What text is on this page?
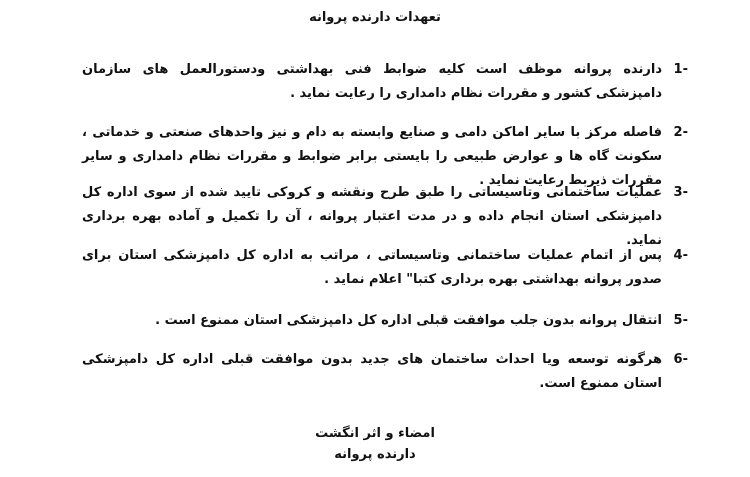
تعهدات دارنده پروانه
1-
دارنده پروانه موظف است کلیه ضوابط فنی بهداشتی ودستورالعمل های سازمان دامپزشکی کشور و مقررات نظام دامداری را رعایت نماید .
2-
فاصله مرکز با سایر اماکن دامی و صنایع وابسته به دام و نیز واحدهای صنعتی و خدماتی ، سکونت گاه ها و عوارض طبیعی را بایستی برابر ضوابط و مقررات نظام دامداری و سایر مقررات ذیربط رعایت نماید .
3-
عملیات ساختمانی وتاسیساتی را طبق طرح ونقشه و کروکی تایید شده از سوی اداره کل دامپزشکی استان انجام داده و در مدت اعتبار پروانه ، آن را تکمیل و آماده بهره برداری نماید.
4-
پس از اتمام عملیات ساختمانی وتاسیساتی ، مراتب به اداره کل دامپزشکی استان برای صدور پروانه بهداشتی بهره برداری کتبا" اعلام نماید .
5-
انتقال پروانه بدون جلب موافقت قبلی اداره کل دامپزشکی استان ممنوع است .
6-
هرگونه توسعه ویا احداث ساختمان های جدید بدون موافقت قبلی اداره کل دامپزشکی استان ممنوع است.
امضاء و اثر انگشت
دارنده پروانه
